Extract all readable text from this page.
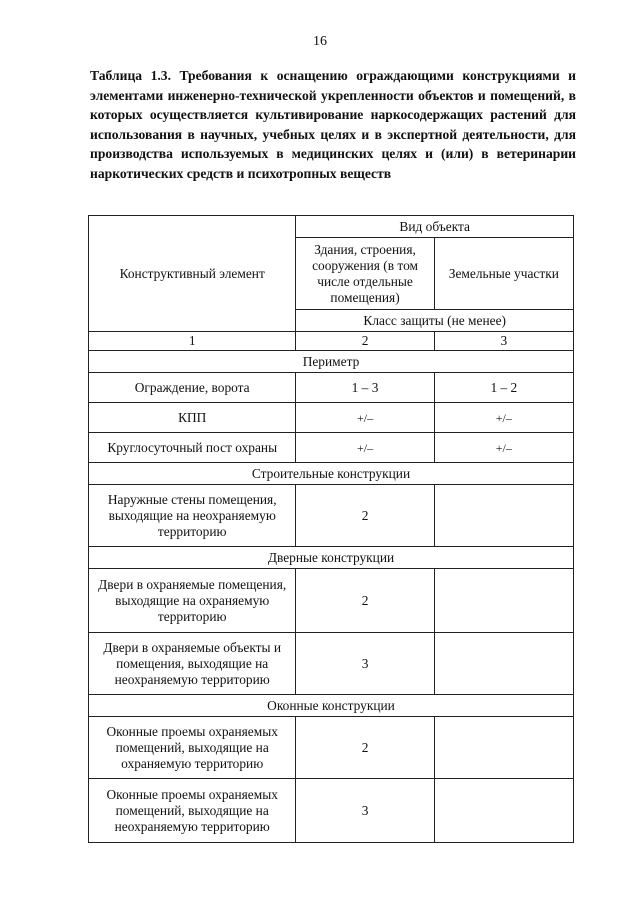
16
Таблица 1.3. Требования к оснащению ограждающими конструкциями и элементами инженерно-технической укрепленности объектов и помещений, в которых осуществляется культивирование наркосодержащих растений для использования в научных, учебных целях и в экспертной деятельности, для производства используемых в медицинских целях и (или) в ветеринарии наркотических средств и психотропных веществ
Конструктивный элемент	Вид объекта	
	Здания, строения, сооружения (в том числе отдельные помещения)	Земельные участки
	Класс защиты (не менее)	
1	2	3
Периметр		
Ограждение, ворота	1 – 3	1 – 2
КПП	+/–	+/–
Круглосуточный пост охраны	+/–	+/–
Строительные конструкции		
Наружные стены помещения, выходящие на неохраняемую территорию	2	
Дверные конструкции		
Двери в охраняемые помещения, выходящие на охраняемую территорию	2	
Двери в охраняемые объекты и помещения, выходящие на неохраняемую территорию	3	
Оконные конструкции		
Оконные проемы охраняемых помещений, выходящие на охраняемую территорию	2	
Оконные проемы охраняемых помещений, выходящие на неохраняемую территорию	3	
